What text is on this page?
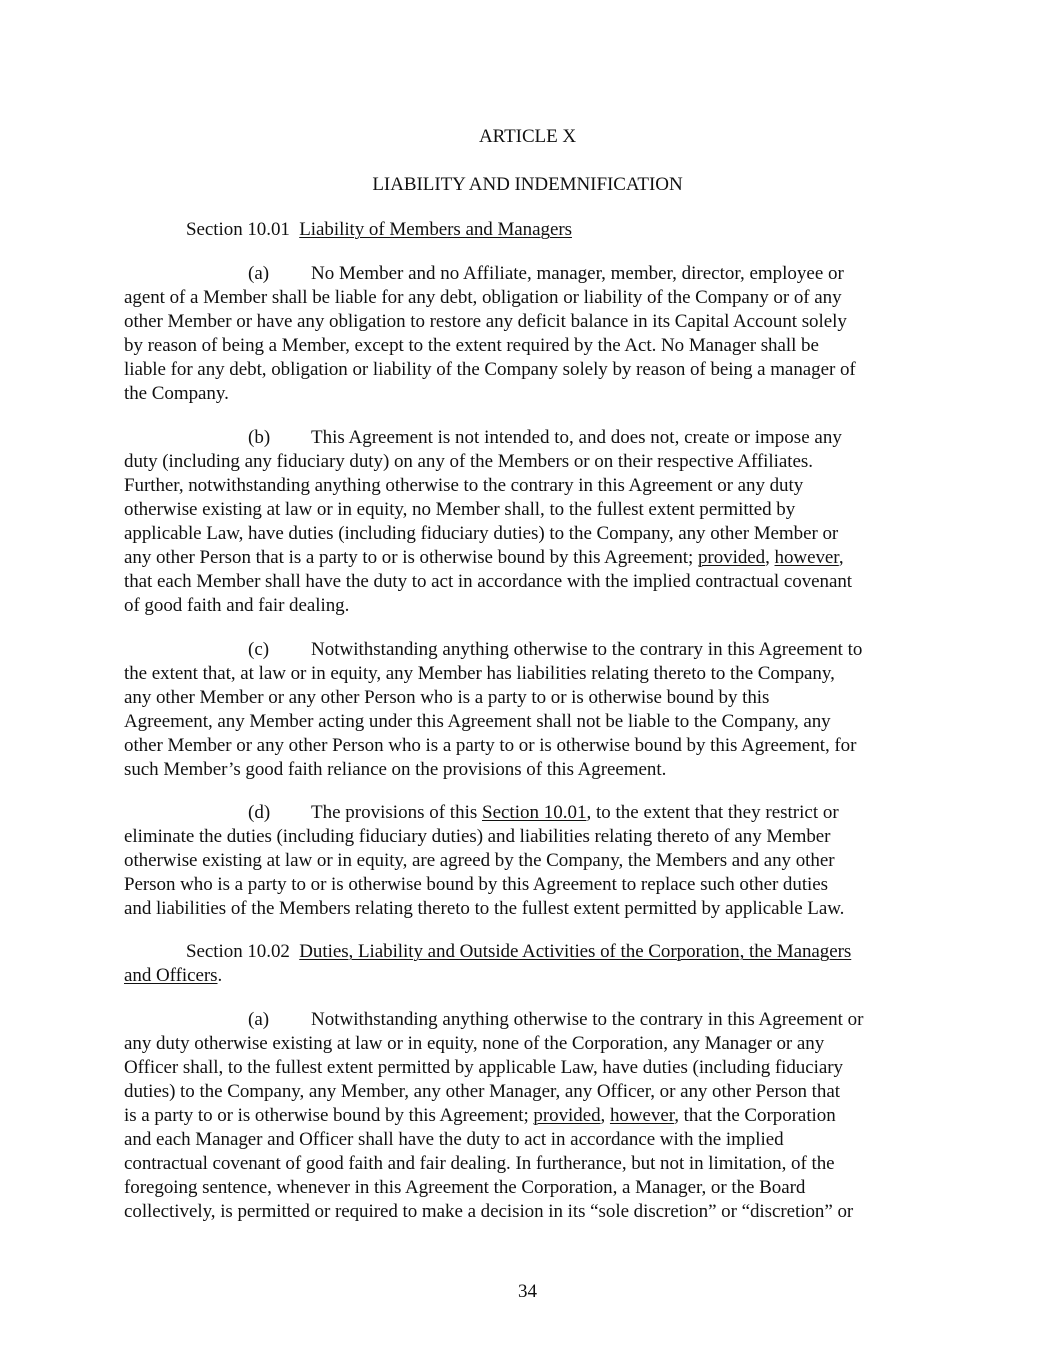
ARTICLE X
LIABILITY AND INDEMNIFICATION
Section 10.01 Liability of Members and Managers
(a) No Member and no Affiliate, manager, member, director, employee or
agent of a Member shall be liable for any debt, obligation or liability of the Company or of any
other Member or have any obligation to restore any deficit balance in its Capital Account solely
by reason of being a Member, except to the extent required by the Act. No Manager shall be
liable for any debt, obligation or liability of the Company solely by reason of being a manager of
the Company.
(b) This Agreement is not intended to, and does not, create or impose any
duty (including any fiduciary duty) on any of the Members or on their respective Affiliates.
Further, notwithstanding anything otherwise to the contrary in this Agreement or any duty
otherwise existing at law or in equity, no Member shall, to the fullest extent permitted by
applicable Law, have duties (including fiduciary duties) to the Company, any other Member or
any other Person that is a party to or is otherwise bound by this Agreement; provided, however,
that each Member shall have the duty to act in accordance with the implied contractual covenant
of good faith and fair dealing.
(c) Notwithstanding anything otherwise to the contrary in this Agreement to
the extent that, at law or in equity, any Member has liabilities relating thereto to the Company,
any other Member or any other Person who is a party to or is otherwise bound by this
Agreement, any Member acting under this Agreement shall not be liable to the Company, any
other Member or any other Person who is a party to or is otherwise bound by this Agreement, for
such Member’s good faith reliance on the provisions of this Agreement.
(d) The provisions of this Section 10.01, to the extent that they restrict or
eliminate the duties (including fiduciary duties) and liabilities relating thereto of any Member
otherwise existing at law or in equity, are agreed by the Company, the Members and any other
Person who is a party to or is otherwise bound by this Agreement to replace such other duties
and liabilities of the Members relating thereto to the fullest extent permitted by applicable Law.
Section 10.02 Duties, Liability and Outside Activities of the Corporation, the Managers
and Officers.
(a) Notwithstanding anything otherwise to the contrary in this Agreement or
any duty otherwise existing at law or in equity, none of the Corporation, any Manager or any
Officer shall, to the fullest extent permitted by applicable Law, have duties (including fiduciary
duties) to the Company, any Member, any other Manager, any Officer, or any other Person that
is a party to or is otherwise bound by this Agreement; provided, however, that the Corporation
and each Manager and Officer shall have the duty to act in accordance with the implied
contractual covenant of good faith and fair dealing. In furtherance, but not in limitation, of the
foregoing sentence, whenever in this Agreement the Corporation, a Manager, or the Board
collectively, is permitted or required to make a decision in its “sole discretion” or “discretion” or
34
